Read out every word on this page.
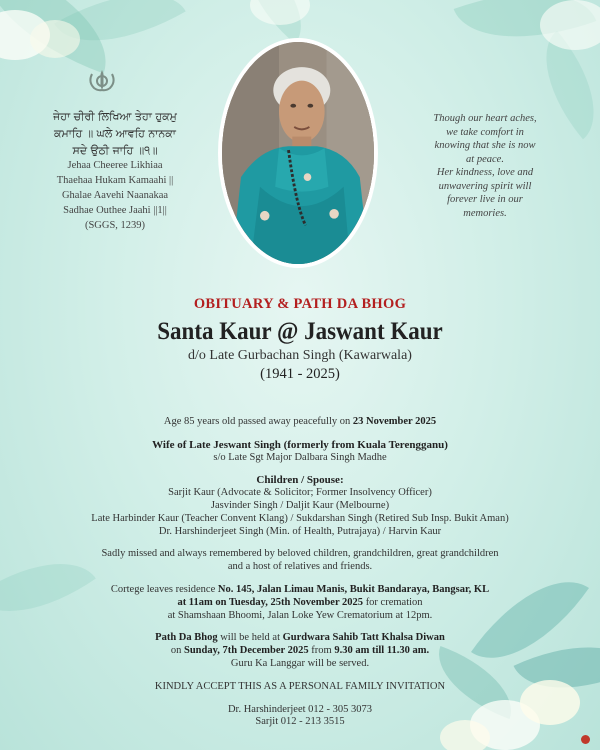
ਜੇਹਾ ਚੀਰੀ ਲਿਖਿਆ ਤੇਹਾ ਹੁਕਮੁ
ਕਮਾਹਿ ॥ ਘਲੇ ਆਵਹਿ ਨਾਨਕਾ
ਸਦੇ ਉਠੀ ਜਾਹਿ ॥੧॥
Jehaa Cheeree Likhiaa
Thaehaa Hukam Kamaahi ||
Ghalae Aavehi Naanakaa
Sadhae Outhee Jaahi ||1||
(SGGS, 1239)
Though our heart aches,
we take comfort in
knowing that she is now
at peace.
Her kindness, love and
unwavering spirit will
forever live in our
memories.
OBITUARY & PATH DA BHOG
Santa Kaur @ Jaswant Kaur
d/o Late Gurbachan Singh (Kawarwala)
(1941 - 2025)

Age 85 years old passed away peacefully on 23 November 2025

Wife of Late Jeswant Singh (formerly from Kuala Terengganu)

s/o Late Sgt Major Dalbara Singh Madhe

Children / Spouse:

Sarjit Kaur (Advocate & Solicitor; Former Insolvency Officer)

Jasvinder Singh / Daljit Kaur (Melbourne)

Late Harbinder Kaur (Teacher Convent Klang) / Sukdarshan Singh (Retired Sub Insp. Bukit Aman)

Dr. Harshinderjeet Singh (Min. of Health, Putrajaya) / Harvin Kaur

Sadly missed and always remembered by beloved children, grandchildren, great grandchildren

and a host of relatives and friends.

Cortege leaves residence No. 145, Jalan Limau Manis, Bukit Bandaraya, Bangsar, KL

at 11am on Tuesday, 25th November 2025 for cremation

at Shamshaan Bhoomi, Jalan Loke Yew Crematorium at 12pm.

Path Da Bhog will be held at Gurdwara Sahib Tatt Khalsa Diwan

on Sunday, 7th December 2025 from 9.30 am till 11.30 am.

Guru Ka Langgar will be served.

KINDLY ACCEPT THIS AS A PERSONAL FAMILY INVITATION

Dr. Harshinderjeet 012 - 305 3073

Sarjit 012 - 213 3515
